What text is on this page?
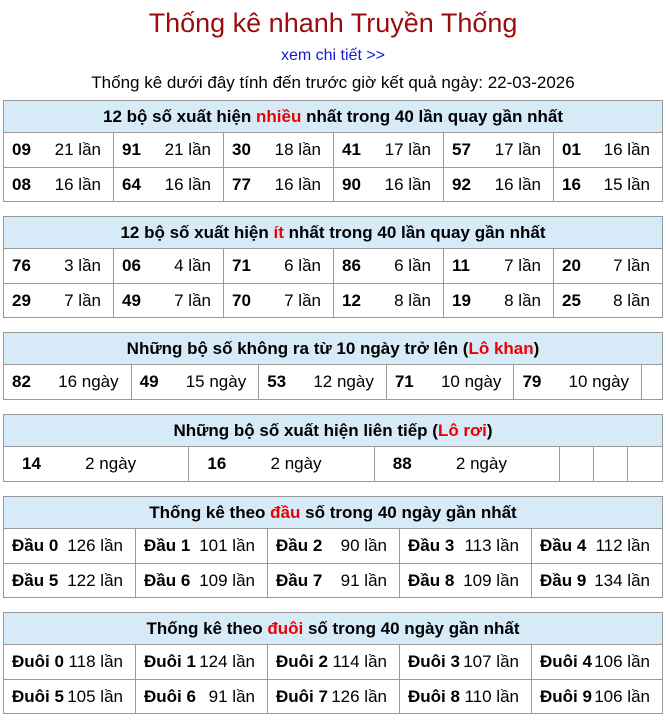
Thống kê nhanh Truyền Thống
xem chi tiết >>
Thống kê dưới đây tính đến trước giờ kết quả ngày: 22-03-2026
12 bộ số xuất hiện nhiều nhất trong 40 lần quay gần nhất
09 21 lần 91 21 lần 30 18 lần 41 17 lần 57 17 lần 01 16 lần
08 16 lần 64 16 lần 77 16 lần 90 16 lần 92 16 lần 16 15 lần
12 bộ số xuất hiện ít nhất trong 40 lần quay gần nhất
76 3 lần 06 4 lần 71 6 lần 86 6 lần 11 7 lần 20 7 lần
29 7 lần 49 7 lần 70 7 lần 12 8 lần 19 8 lần 25 8 lần
Những bộ số không ra từ 10 ngày trở lên (Lô khan)
82 16 ngày 49 15 ngày 53 12 ngày 71 10 ngày 79 10 ngày
Những bộ số xuất hiện liên tiếp (Lô rơi)
14	2 ngày	16	2 ngày	88	2 ngày
Thống kê theo đầu số trong 40 ngày gần nhất
Đầu 0 126 lần Đầu 1 101 lần Đầu 2 90 lần Đầu 3 113 lần Đầu 4 112 lần
Đầu 5 122 lần Đầu 6 109 lần Đầu 7 91 lần Đầu 8 109 lần Đầu 9 134 lần
Thống kê theo đuôi số trong 40 ngày gần nhất
Đuôi 0 118 lần Đuôi 1 124 lần Đuôi 2 114 lần Đuôi 3 107 lần Đuôi 4 106 lần
Đuôi 5 105 lần Đuôi 6 91 lần Đuôi 7 126 lần Đuôi 8 110 lần Đuôi 9 106 lần
